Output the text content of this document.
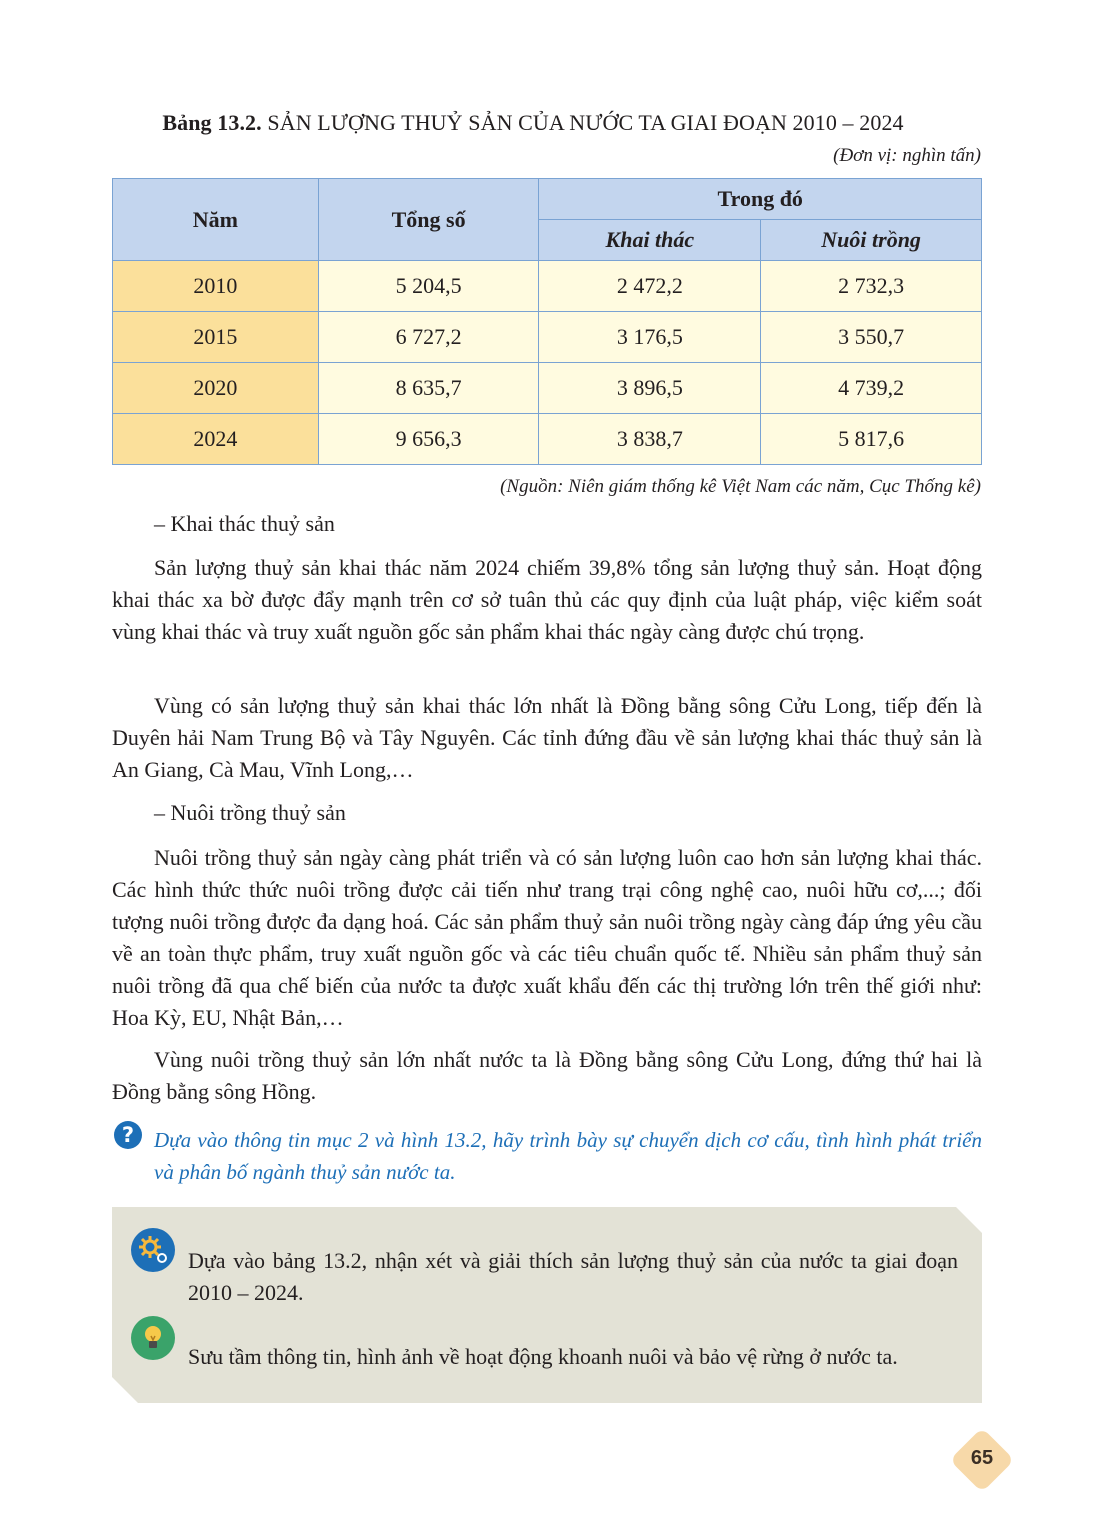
Bảng 13.2. SẢN LƯỢNG THUỶ SẢN CỦA NƯỚC TA GIAI ĐOẠN 2010 – 2024
(Đơn vị: nghìn tấn)
Năm	Tổng số	Trong đó	
		Khai thác	Nuôi trồng
2010	5 204,5	2 472,2	2 732,3
2015	6 727,2	3 176,5	3 550,7
2020	8 635,7	3 896,5	4 739,2
2024	9 656,3	3 838,7	5 817,6
(Nguồn: Niên giám thống kê Việt Nam các năm, Cục Thống kê)
– Khai thác thuỷ sản

Sản lượng thuỷ sản khai thác năm 2024 chiếm 39,8% tổng sản lượng thuỷ sản. Hoạt động khai thác xa bờ được đẩy mạnh trên cơ sở tuân thủ các quy định của luật pháp, việc kiểm soát vùng khai thác và truy xuất nguồn gốc sản phẩm khai thác ngày càng được chú trọng.

Vùng có sản lượng thuỷ sản khai thác lớn nhất là Đồng bằng sông Cửu Long, tiếp đến là Duyên hải Nam Trung Bộ và Tây Nguyên. Các tỉnh đứng đầu về sản lượng khai thác thuỷ sản là An Giang, Cà Mau, Vĩnh Long,…

– Nuôi trồng thuỷ sản

Nuôi trồng thuỷ sản ngày càng phát triển và có sản lượng luôn cao hơn sản lượng khai thác. Các hình thức thức nuôi trồng được cải tiến như trang trại công nghệ cao, nuôi hữu cơ,...; đối tượng nuôi trồng được đa dạng hoá. Các sản phẩm thuỷ sản nuôi trồng ngày càng đáp ứng yêu cầu về an toàn thực phẩm, truy xuất nguồn gốc và các tiêu chuẩn quốc tế. Nhiều sản phẩm thuỷ sản nuôi trồng đã qua chế biến của nước ta được xuất khẩu đến các thị trường lớn trên thế giới như: Hoa Kỳ, EU, Nhật Bản,…

Vùng nuôi trồng thuỷ sản lớn nhất nước ta là Đồng bằng sông Cửu Long, đứng thứ hai là Đồng bằng sông Hồng.

? Dựa vào thông tin mục 2 và hình 13.2, hãy trình bày sự chuyển dịch cơ cấu, tình hình phát triển và phân bố ngành thuỷ sản nước ta.

Dựa vào bảng 13.2, nhận xét và giải thích sản lượng thuỷ sản của nước ta giai đoạn 2010 – 2024.

Sưu tầm thông tin, hình ảnh về hoạt động khoanh nuôi và bảo vệ rừng ở nước ta.

65
